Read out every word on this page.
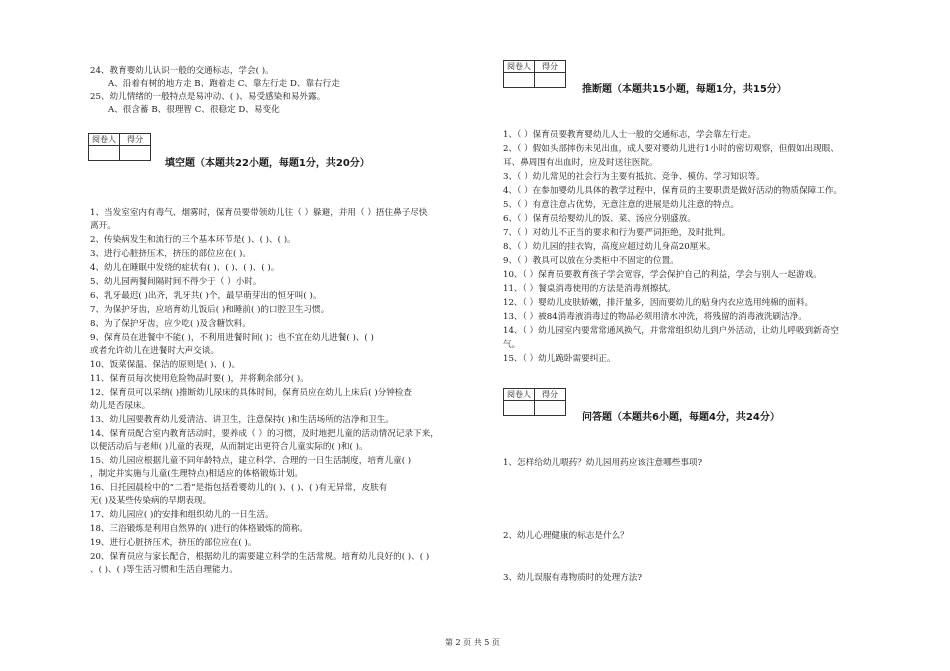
24、教育婴幼儿认识一般的交通标志，学会( )。
A、沿着有树的地方走 B、跑着走 C、靠左行走 D、靠右行走
25、幼儿情绪的一般特点是易冲动、( )、易受感染和易外露。
A、很含蓄 B、很理智 C、很稳定 D、易变化
阅卷人	得分

填空题（本题共22小题，每题1分，共20分）
1、当发室室内有毒气、烟雾时，保育员要带领幼儿往（ ）躲避，并用（ ）捂住鼻子尽快
离开。
2、传染病发生和流行的三个基本环节是( )、( )、( )。
3、进行心脏挤压术，挤压的部位应在( )。
4、幼儿在睡眠中发绕的症状有( )、( )、( )、( )。
5、幼儿园两餐间隔时间不得少于（ ）小时。
6、乳牙最迟( )出齐，乳牙共( )个，最早萌芽出的恒牙叫( )。
7、为保护牙齿，应培育幼儿饭后( )和睡前( )的口腔卫生习惯。
8、为了保护牙齿，应少吃( )及含糖饮料。
9、保育员在进餐中不能( )，不利用进餐时间( )；也不宜在幼儿进餐( )、( )
或者允许幼儿在进餐时大声交谈。
10、饭菜保温、保洁的原则是( )、( )。
11、保育员每次使用危险物品时要( )，并将剩余部分( )。
12、保育员可以采纳( )推断幼儿尿床的具体时间，保育员应在幼儿上床后( )分钟检查
幼儿是否尿床。
13、幼儿园要教育幼儿爱清洁、讲卫生，注意保持( )和生活场所的洁净和卫生。
14、保育员配合室内教育活动时，要养成（ ）的习惯，及时地把儿童的活动情况记录下来，
以便活动后与老师( )儿童的表现，从而制定出更符合儿童实际的( )和( )。
15、幼儿园应根据儿童不同年龄特点，建立科学、合理的一日生活制度，培育儿童( )
，制定并实施与儿童(生理特点)相适应的体格锻炼计划。
16、日托园晨检中的“二看”是指包括看婴幼儿的( )、( )、( )有无异常，皮肤有
无( )及某些传染病的早期表现。
17、幼儿园应( )的安排和组织幼儿的一日生活。
18、三浴锻炼是利用自然界的( )进行的体格锻炼的简称。
19、进行心脏挤压术，挤压的部位应在( )。
20、保育员应与家长配合，根据幼儿的需要建立科学的生活常规。培育幼儿良好的( )、( )
、( )、( )等生活习惯和生活自理能力。
阅卷人	得分

推断题（本题共15小题，每题1分，共15分）
1、（ ）保育员要教育婴幼儿人士一般的交通标志，学会靠左行走。
2、（ ）假如头部摔伤未见出血，成人要对婴幼儿进行1小时的密切观察，但假如出现眼、
耳、鼻周围有出血时，应及时送往医院。
3、（ ）幼儿常见的社会行为主要有抵抗、竞争、模仿、学习知识等。
4、（ ）在参加婴幼儿具体的教学过程中，保育员的主要职责是做好活动的物质保障工作。
5、（ ）有意注意占优势，无意注意的进展是幼儿注意的特点。
6、（ ）保育员给婴幼儿的饭、菜、汤应分别盛放。
7、（ ）对幼儿不正当的要求和行为要严词拒绝，及时批判。
8、（ ）幼儿园的挂衣钩，高度应超过幼儿身高20厘米。
9、（ ）教具可以放在分类柜中不固定的位置。
10、（ ）保育员要教育孩子学会宽容，学会保护自己的利益，学会与别人一起游戏。
11、（ ）餐桌消毒使用的方法是消毒剂擦拭。
12、（ ）婴幼儿皮肤娇嫩，排汗量多，因而要幼儿的贴身内衣应选用纯棉的面料。
13、（ ）被84消毒液消毒过的物品必须用清水冲洗，将残留的消毒液洗刷洁净。
14、（ ）幼儿园室内要常常通风换气，并常常组织幼儿到户外活动，让幼儿呼吸到新奇空
气。
15、（ ）幼儿跪卧需要纠正。
阅卷人	得分

问答题（本题共6小题，每题4分，共24分）
1、怎样给幼儿喂药？幼儿园用药应该注意哪些事项?
2、幼儿心理健康的标志是什么？
3、幼儿误服有毒物质时的处理方法?
第 2 页 共 5 页
